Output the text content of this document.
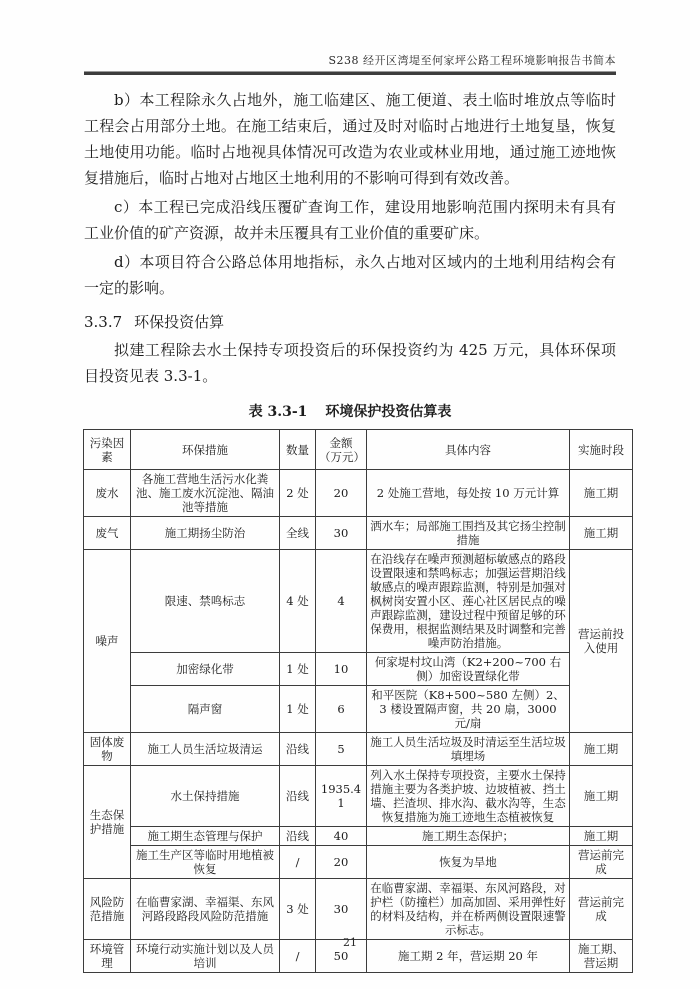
S238 经开区湾堤至何家坪公路工程环境影响报告书简本

b）本工程除永久占地外，施工临建区、施工便道、表土临时堆放点等临时工程会占用部分土地。在施工结束后，通过及时对临时占地进行土地复垦，恢复土地使用功能。临时占地视具体情况可改造为农业或林业用地，通过施工迹地恢复措施后，临时占地对占地区土地利用的不影响可得到有效改善。

c）本工程已完成沿线压覆矿查询工作，建设用地影响范围内探明未有具有工业价值的矿产资源，故并未压覆具有工业价值的重要矿床。

d）本项目符合公路总体用地指标，永久占地对区域内的土地利用结构会有一定的影响。

3.3.7 环保投资估算

拟建工程除去水土保持专项投资后的环保投资约为 425 万元，具体环保项目投资见表 3.3-1。

表 3.3-1 环境保护投资估算表
污染因素	环保措施	数量	金额（万元）	具体内容	实施时段
废水	各施工营地生活污水化粪池、施工废水沉淀池、隔油池等措施	2 处	20	2 处施工营地，每处按 10 万元计算	施工期
废气	施工期扬尘防治	全线	30	洒水车；局部施工围挡及其它扬尘控制措施	施工期
噪声	限速、禁鸣标志	4 处	4	在沿线存在噪声预测超标敏感点的路段设置限速和禁鸣标志；加强运营期沿线敏感点的噪声跟踪监测，特别是加强对枫树岗安置小区、莲心社区居民点的噪声跟踪监测，建设过程中预留足够的环保费用，根据监测结果及时调整和完善噪声防治措施。	营运前投入使用
	加密绿化带	1 处	10	何家堤村坟山湾（K2+200~700 右侧）加密设置绿化带	
	隔声窗	1 处	6	和平医院（K8+500~580 左侧）2、3 楼设置隔声窗，共 20 扇，3000 元/扇	
固体废物	施工人员生活垃圾清运	沿线	5	施工人员生活垃圾及时清运至生活垃圾填埋场	施工期
生态保护措施	水土保持措施	沿线	1935.41	列入水土保持专项投资，主要水土保持措施主要为各类护坡、边坡植被、挡土墙、拦渣坝、排水沟、截水沟等，生态恢复措施为施工迹地生态植被恢复	施工期
	施工期生态管理与保护	沿线	40	施工期生态保护；	施工期
	施工生产区等临时用地植被恢复	/	20	恢复为旱地	营运前完成
风险防范措施	在临曹家湖、幸福渠、东风河路段路段风险防范措施	3 处	30	在临曹家湖、幸福渠、东风河路段，对护栏（防撞栏）加高加固、采用弹性好的材料及结构，并在桥两侧设置限速警示标志。	营运前完成
环境管理	环境行动实施计划以及人员培训	/	50	施工期 2 年，营运期 20 年	施工期、营运期
21
